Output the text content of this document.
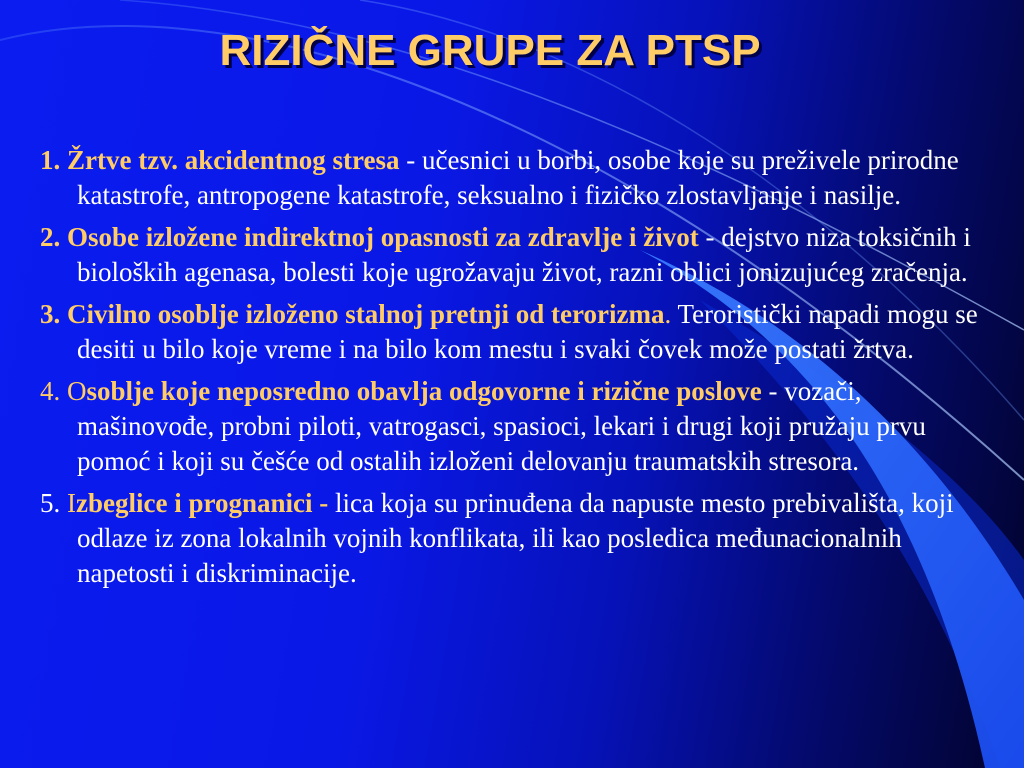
RIZIČNE GRUPE ZA PTSP
1. Žrtve tzv. akcidentnog stresa - učesnici u borbi, osobe koje su preživele prirodne katastrofe, antropogene katastrofe, seksualno i fizičko zlostavljanje i nasilje.
2. Osobe izložene indirektnoj opasnosti za zdravlje i život - dejstvo niza toksičnih i bioloških agenasa, bolesti koje ugrožavaju život, razni oblici jonizujućeg zračenja.
3. Civilno osoblje izloženo stalnoj pretnji od terorizma. Teroristički napadi mogu se desiti u bilo koje vreme i na bilo kom mestu i svaki čovek može postati žrtva.
4. Osoblje koje neposredno obavlja odgovorne i rizične poslove - vozači, mašinovođe, probni piloti, vatrogasci, spasioci, lekari i drugi koji pružaju prvu pomoć i koji su češće od ostalih izloženi delovanju traumatskih stresora.
5. Izbeglice i prognanici - lica koja su prinuđena da napuste mesto prebivališta, koji odlaze iz zona lokalnih vojnih konflikata, ili kao posledica međunacionalnih napetosti i diskriminacije.
